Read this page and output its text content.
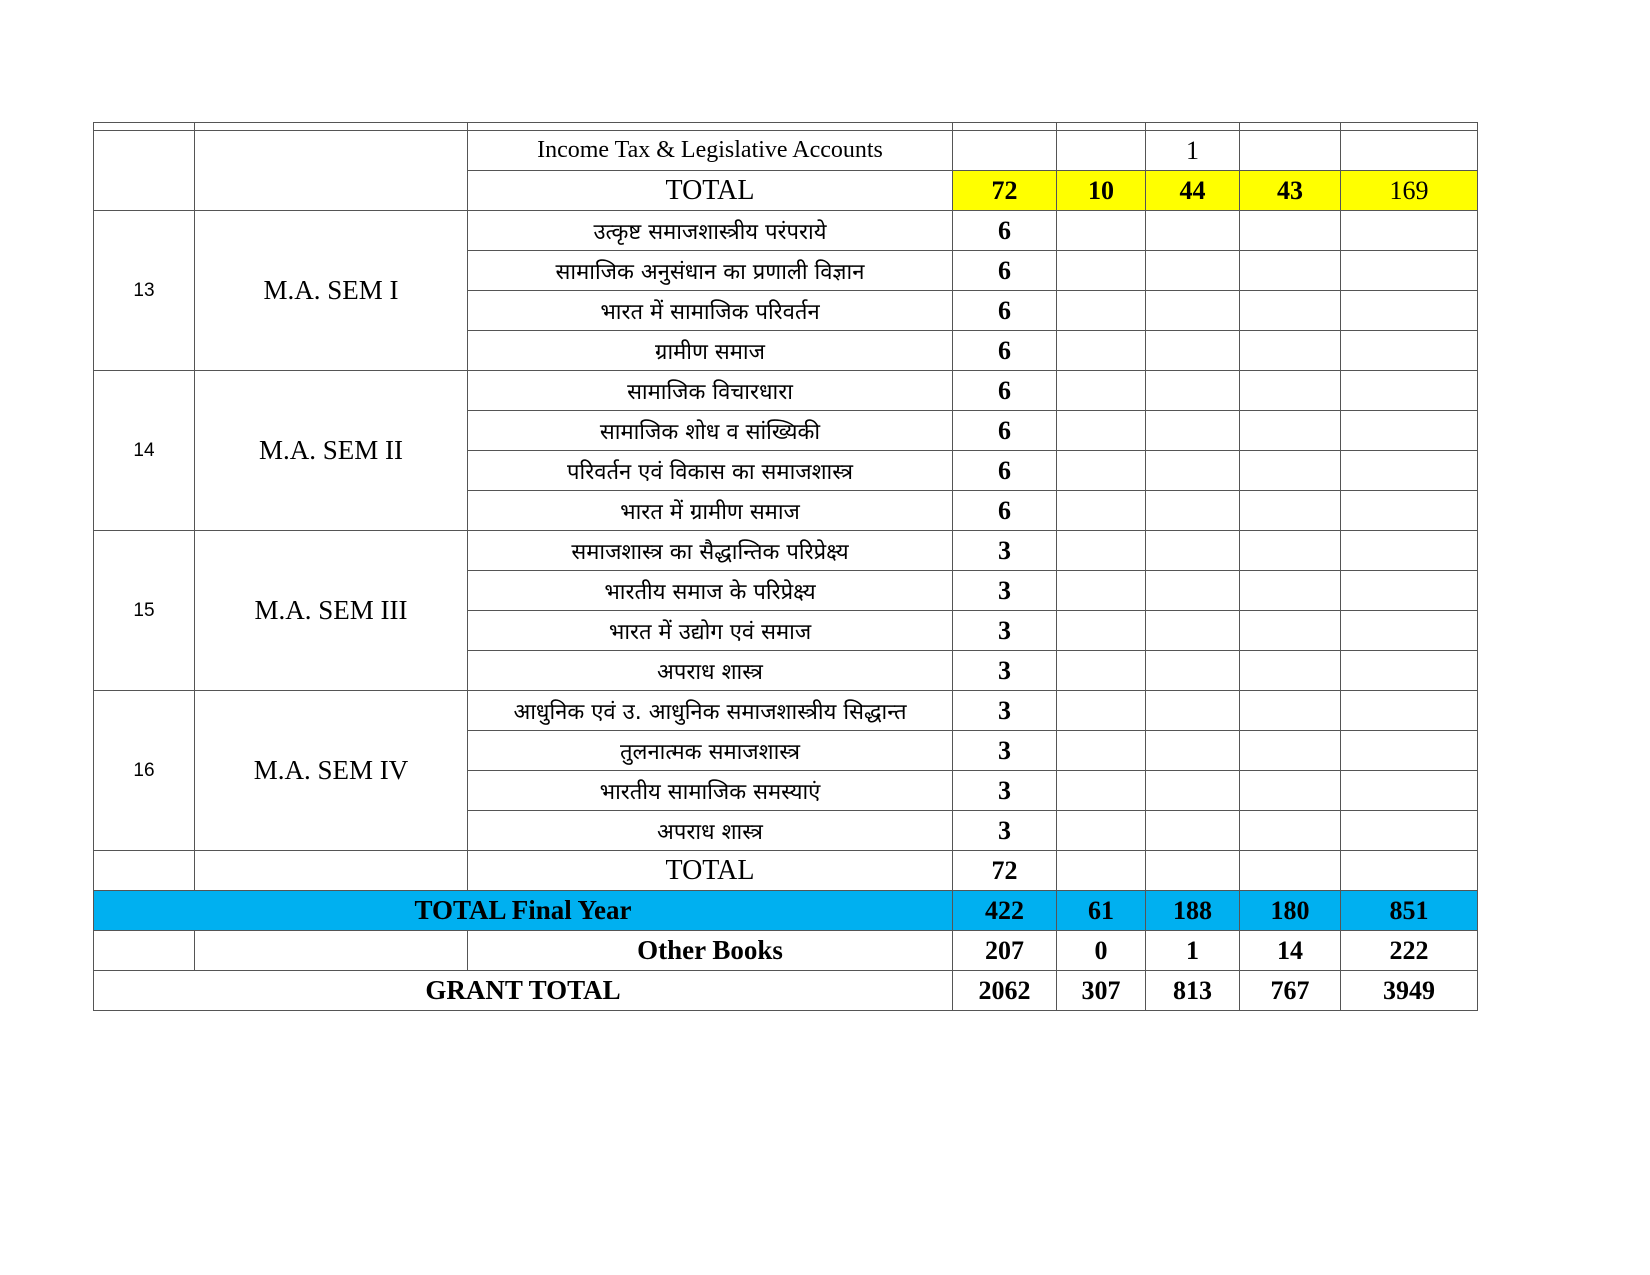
		Income Tax & Legislative Accounts			1		
		TOTAL	72	10	44	43	169
13	M.A. SEM I	उत्कृष्ट समाजशास्त्रीय परंपराये	6				
		सामाजिक अनुसंधान का प्रणाली विज्ञान	6				
		भारत में सामाजिक परिवर्तन	6				
		ग्रामीण समाज	6				
14	M.A. SEM II	सामाजिक विचारधारा	6				
		सामाजिक शोध व सांख्यिकी	6				
		परिवर्तन एवं विकास का समाजशास्त्र	6				
		भारत में ग्रामीण समाज	6				
15	M.A. SEM III	समाजशास्त्र का सैद्धान्तिक परिप्रेक्ष्य	3				
		भारतीय समाज के परिप्रेक्ष्य	3				
		भारत में उद्योग एवं समाज	3				
		अपराध शास्त्र	3				
16	M.A. SEM IV	आधुनिक एवं उ. आधुनिक समाजशास्त्रीय सिद्धान्त	3				
		तुलनात्मक समाजशास्त्र	3				
		भारतीय सामाजिक समस्याएं	3				
		अपराध शास्त्र	3				
		TOTAL	72				
TOTAL Final Year			422	61	188	180	851
		Other Books	207	0	1	14	222
GRANT TOTAL			2062	307	813	767	3949
